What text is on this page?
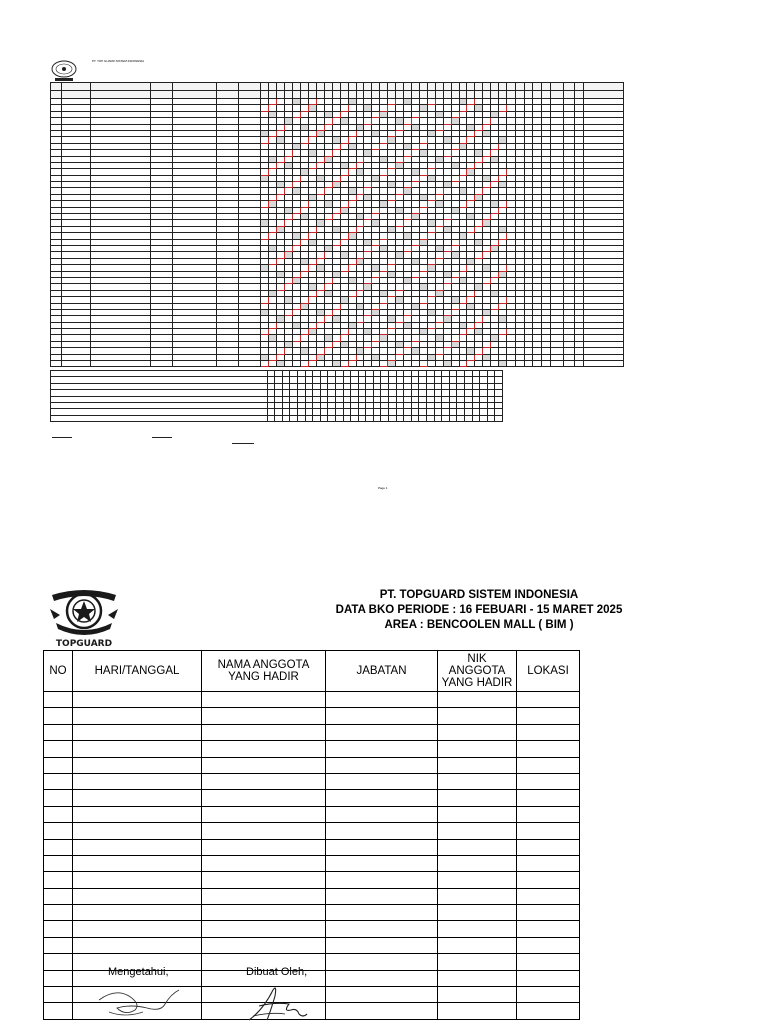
PT. TOP GUARD SISTEM INDONESIA

Page 1
TOPGUARD
PT. TOPGUARD SISTEM INDONESIA
DATA BKO PERIODE : 16 FEBUARI - 15 MARET 2025
AREA : BENCOOLEN MALL ( BIM )
NO	HARI/TANGGAL	NAMA ANGGOTA YANG HADIR	JABATAN	NIK ANGGOTA YANG HADIR	LOKASI

Mengetahui,	Dibuat Oleh,
